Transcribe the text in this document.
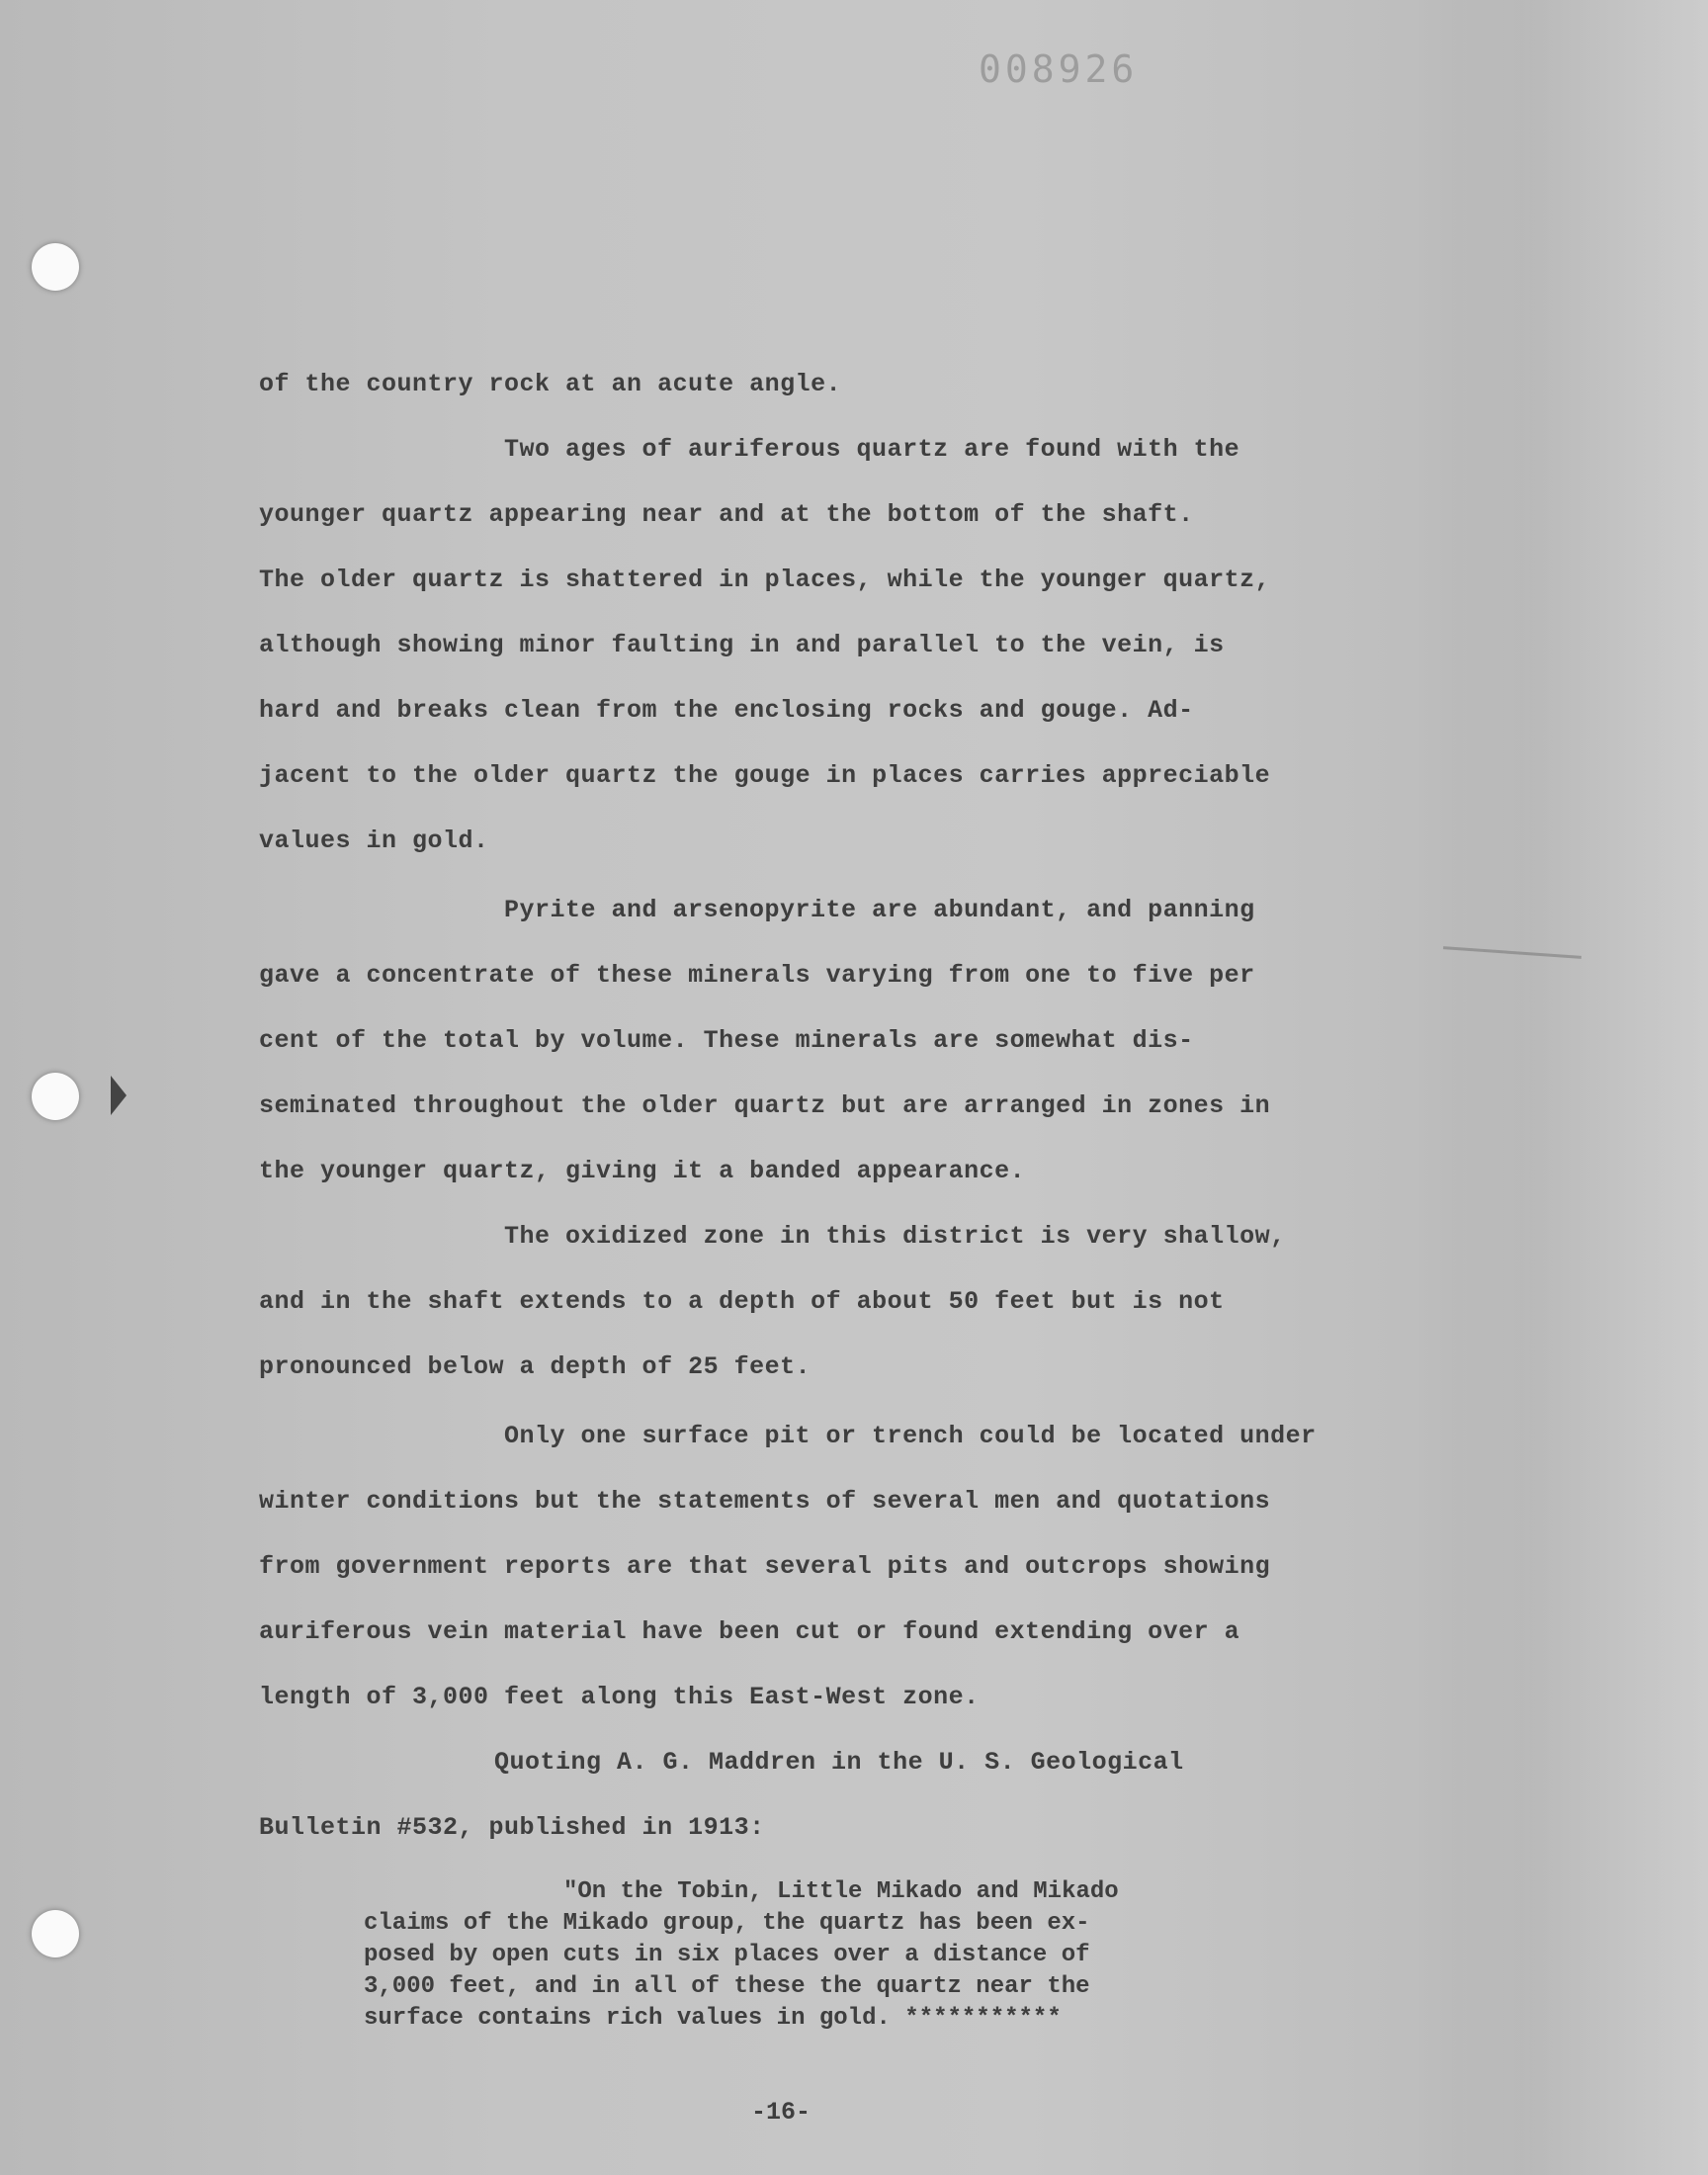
008926

of the country rock at an acute angle.

Two ages of auriferous quartz are found with the

younger quartz appearing near and at the bottom of the shaft.

The older quartz is shattered in places, while the younger quartz,

although showing minor faulting in and parallel to the vein, is

hard and breaks clean from the enclosing rocks and gouge. Ad-

jacent to the older quartz the gouge in places carries appreciable

values in gold.

Pyrite and arsenopyrite are abundant, and panning

gave a concentrate of these minerals varying from one to five per

cent of the total by volume. These minerals are somewhat dis-

seminated throughout the older quartz but are arranged in zones in

the younger quartz, giving it a banded appearance.

The oxidized zone in this district is very shallow,

and in the shaft extends to a depth of about 50 feet but is not

pronounced below a depth of 25 feet.

Only one surface pit or trench could be located under

winter conditions but the statements of several men and quotations

from government reports are that several pits and outcrops showing

auriferous vein material have been cut or found extending over a

length of 3,000 feet along this East-West zone.

Quoting A. G. Maddren in the U. S. Geological

Bulletin #532, published in 1913:

"On the Tobin, Little Mikado and Mikado

claims of the Mikado group, the quartz has been ex-

posed by open cuts in six places over a distance of

3,000 feet, and in all of these the quartz near the

surface contains rich values in gold. ***********

-16-
